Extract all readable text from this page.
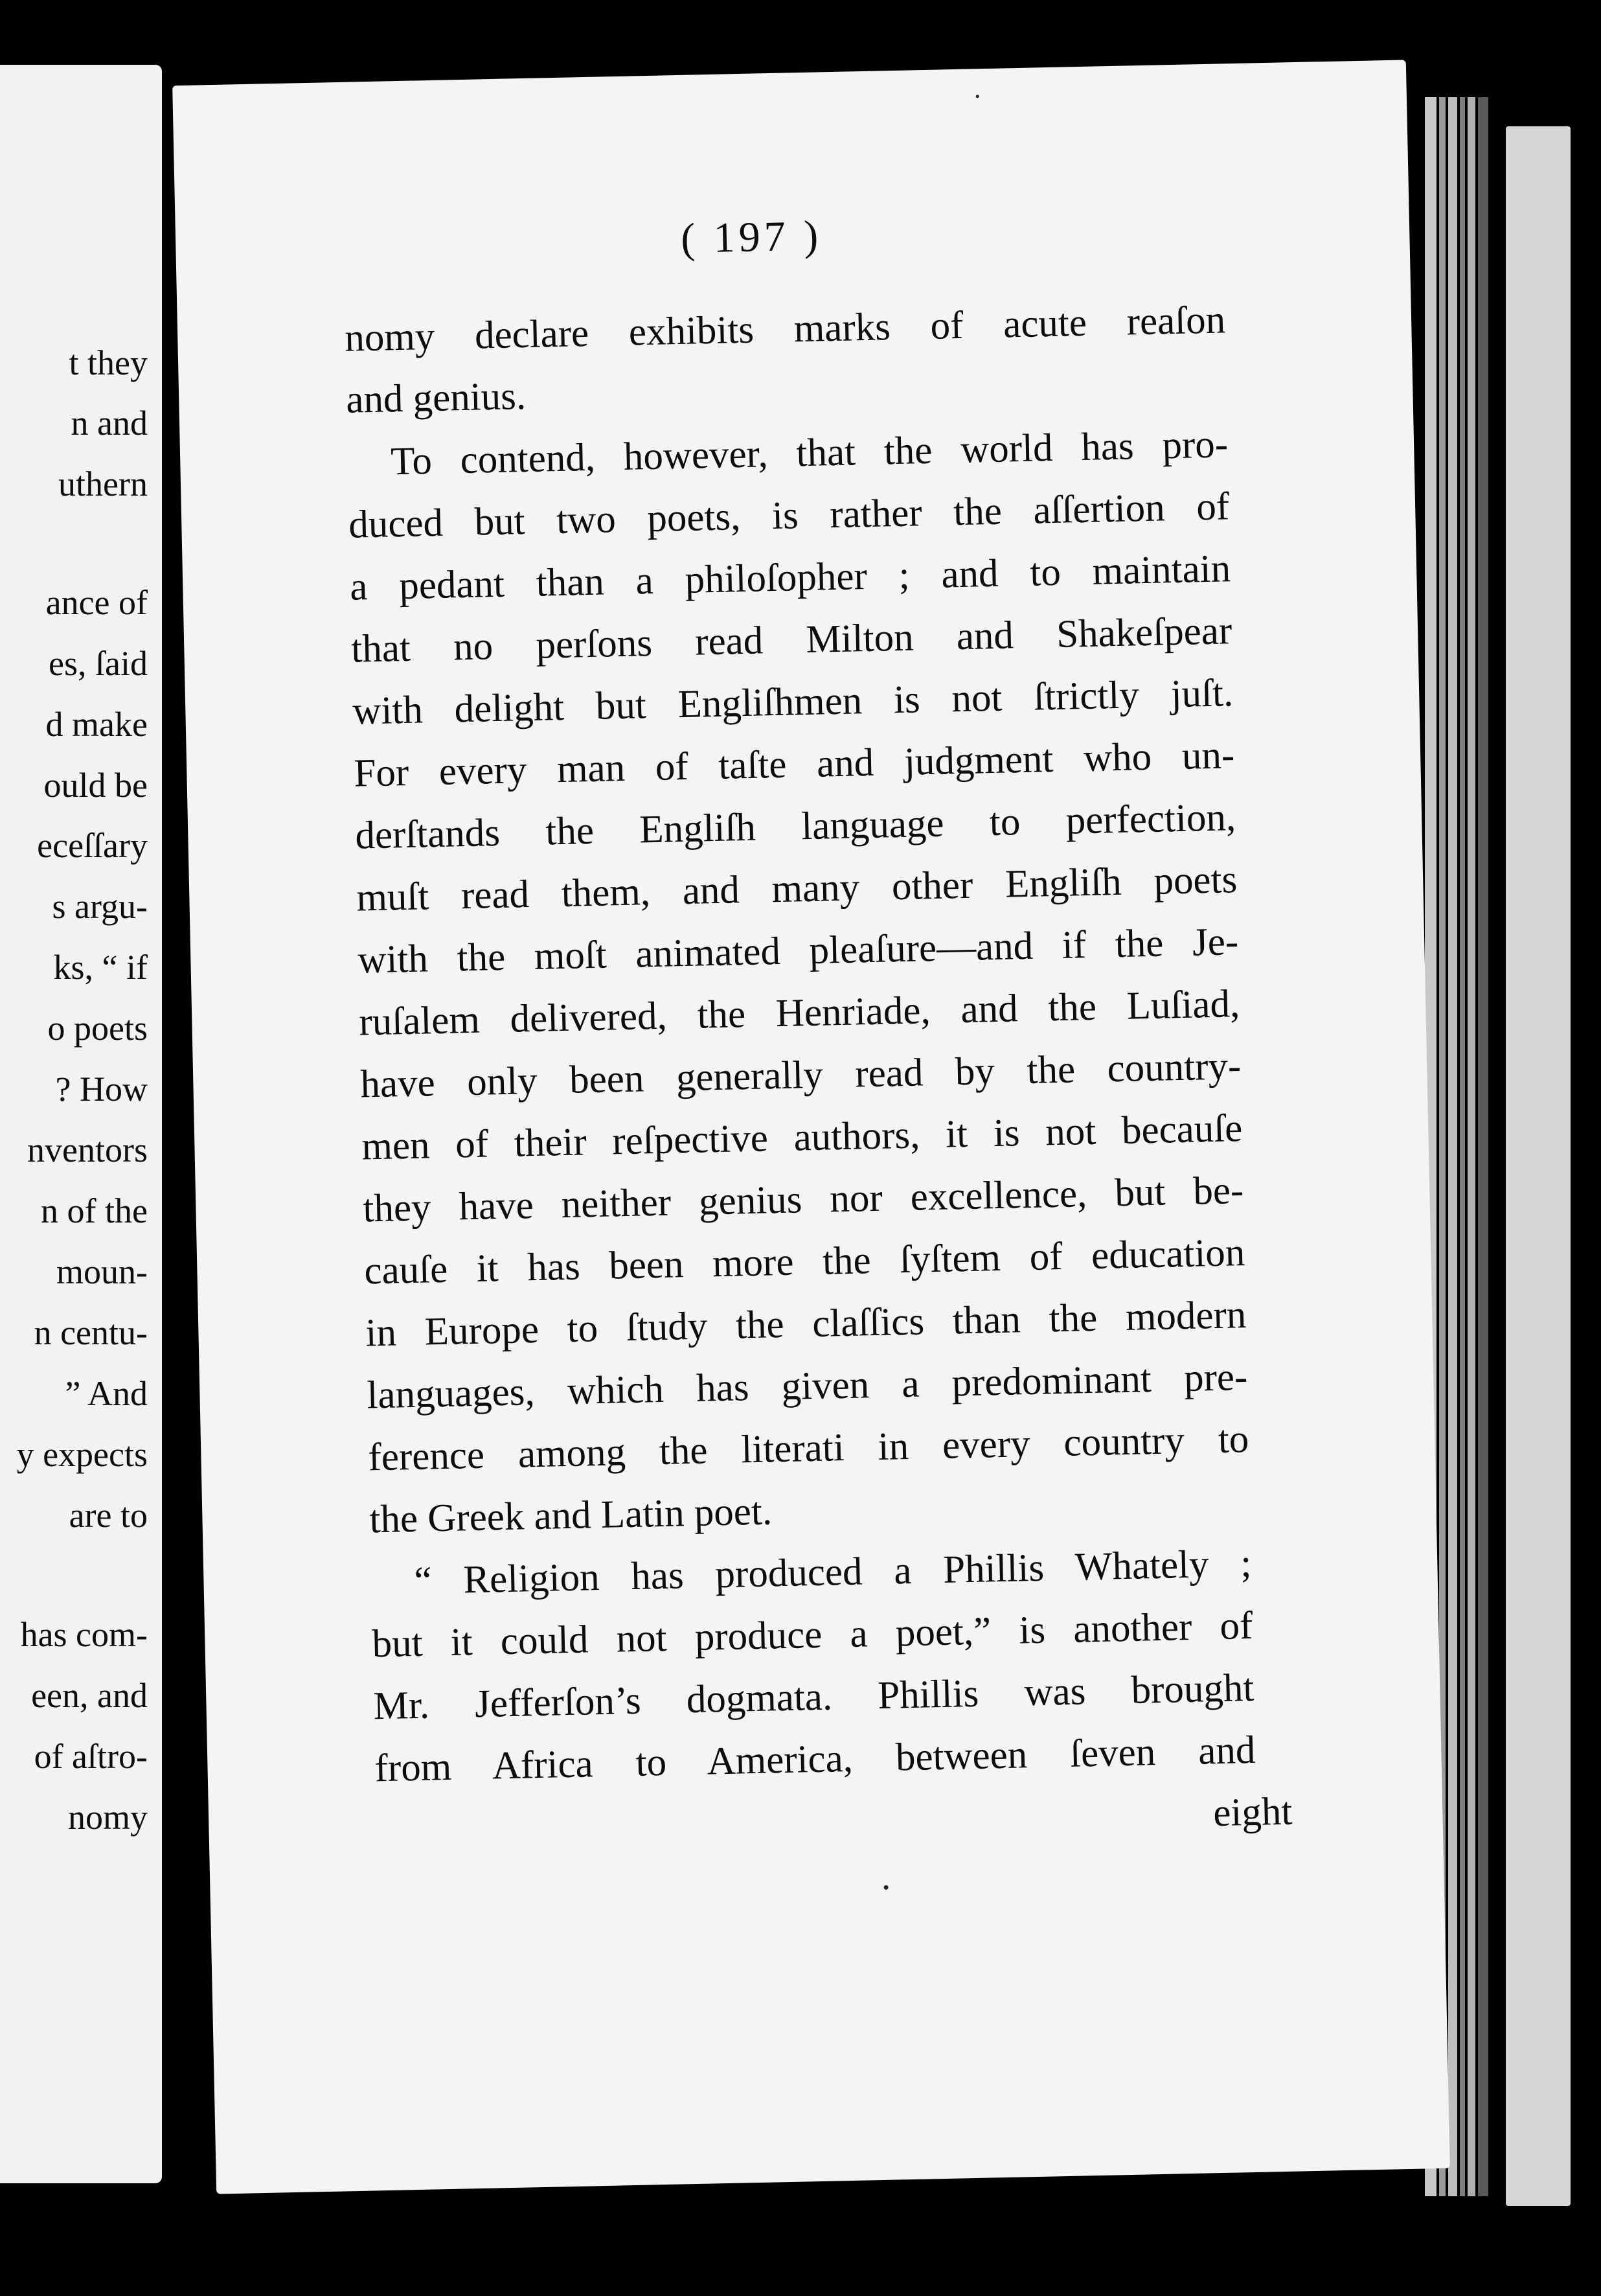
t they
n and
uthern
ance of
es, ſaid
d make
ould be
eceſſary
s argu-
ks, “ if
o poets
? How
nventors
n of the
moun-
n centu-
” And
y expects
are to
has com-
een, and
of aſtro-
nomy
( 197 )
nomy declare exhibits marks of acute reaſon
and genius.
To contend, however, that the world has pro-
duced but two poets, is rather the aſſertion of
a pedant than a philoſopher ; and to maintain
that no perſons read Milton and Shakeſpear
with delight but Engliſhmen is not ſtrictly juſt.
For every man of taſte and judgment who un-
derſtands the Engliſh language to perfection,
muſt read them, and many other Engliſh poets
with the moſt animated pleaſure—and if the Je-
ruſalem delivered, the Henriade, and the Luſiad,
have only been generally read by the country-
men of their reſpective authors, it is not becauſe
they have neither genius nor excellence, but be-
cauſe it has been more the ſyſtem of education
in Europe to ſtudy the claſſics than the modern
languages, which has given a predominant pre-
ference among the literati in every country to
the Greek and Latin poet.
“ Religion has produced a Phillis Whately ;
but it could not produce a poet,” is another of
Mr. Jefferſon’s dogmata. Phillis was brought
from Africa to America, between ſeven and
eight
